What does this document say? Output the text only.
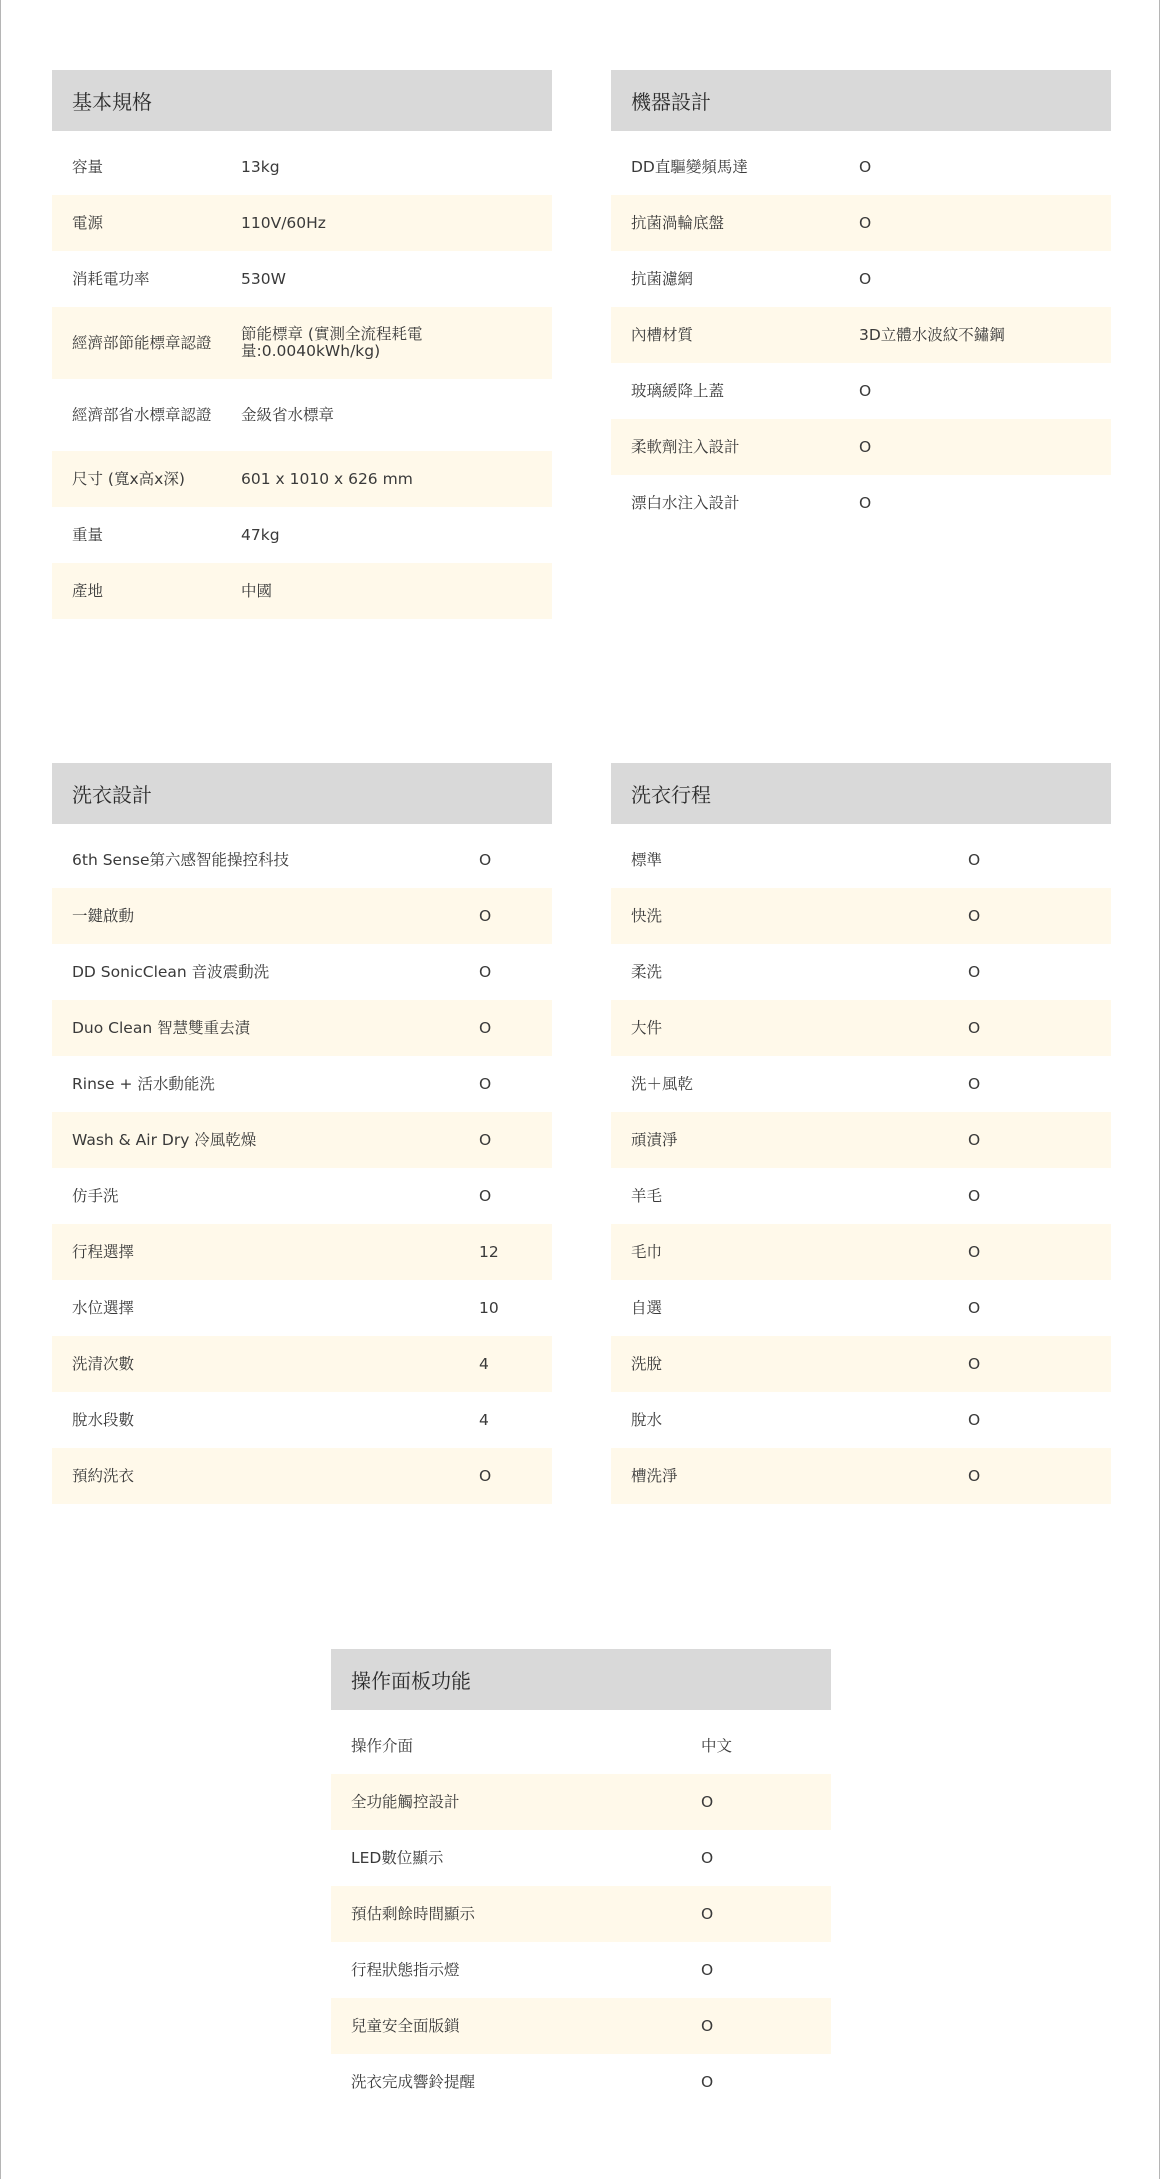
基本規格
容量	13kg
電源	110V/60Hz
消耗電功率	530W
經濟部節能標章認證	節能標章 (實測全流程耗電量:0.0040kWh/kg)
經濟部省水標章認證	金級省水標章
尺寸 (寬x高x深)	601 x 1010 x 626 mm
重量	47kg
產地	中國
機器設計
DD直驅變頻馬達	O
抗菌渦輪底盤	O
抗菌濾網	O
內槽材質	3D立體水波紋不鏽鋼
玻璃緩降上蓋	O
柔軟劑注入設計	O
漂白水注入設計	O
洗衣設計
6th Sense第六感智能操控科技	O
一鍵啟動	O
DD SonicClean 音波震動洗	O
Duo Clean 智慧雙重去漬	O
Rinse + 活水動能洗	O
Wash & Air Dry 冷風乾燥	O
仿手洗	O
行程選擇	12
水位選擇	10
洗清次數	4
脫水段數	4
預約洗衣	O
洗衣行程
標準	O
快洗	O
柔洗	O
大件	O
洗＋風乾	O
頑漬淨	O
羊毛	O
毛巾	O
自選	O
洗脫	O
脫水	O
槽洗淨	O
操作面板功能
操作介面	中文
全功能觸控設計	O
LED數位顯示	O
預估剩餘時間顯示	O
行程狀態指示燈	O
兒童安全面版鎖	O
洗衣完成響鈴提醒	O
